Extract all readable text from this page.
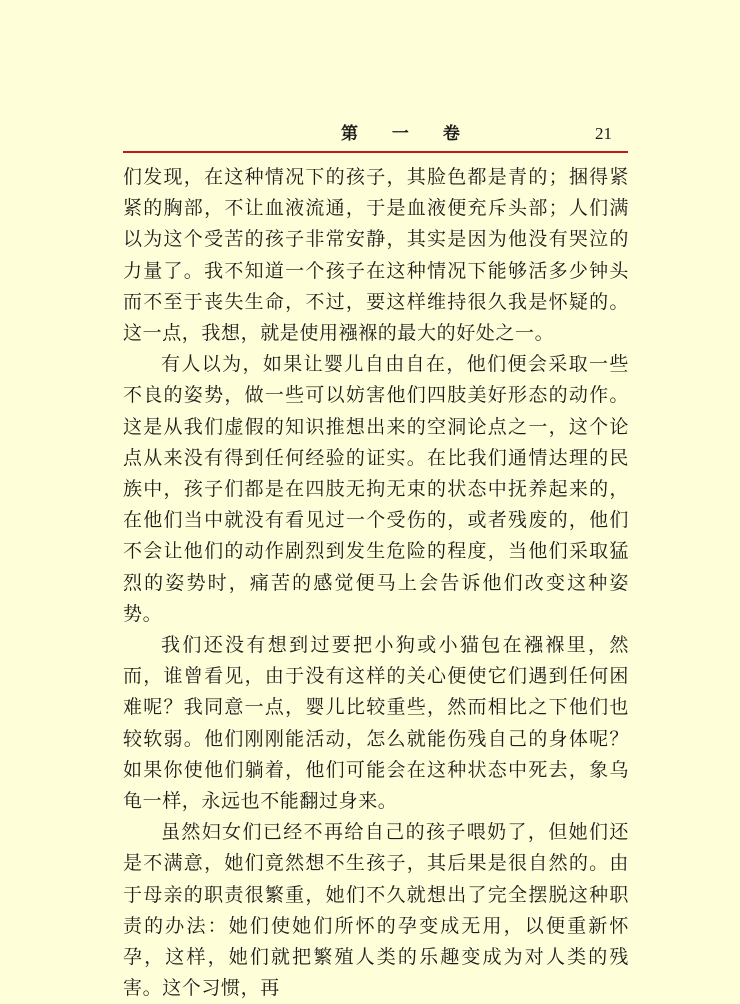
第 一 卷	21

们发现，在这种情况下的孩子，其脸色都是青的；捆得紧紧的胸部，不让血液流通，于是血液便充斥头部；人们满以为这个受苦的孩子非常安静，其实是因为他没有哭泣的力量了。我不知道一个孩子在这种情况下能够活多少钟头而不至于丧失生命，不过，要这样维持很久我是怀疑的。这一点，我想，就是使用襁褓的最大的好处之一。

有人以为，如果让婴儿自由自在，他们便会采取一些不良的姿势，做一些可以妨害他们四肢美好形态的动作。这是从我们虚假的知识推想出来的空洞论点之一，这个论点从来没有得到任何经验的证实。在比我们通情达理的民族中，孩子们都是在四肢无拘无束的状态中抚养起来的，在他们当中就没有看见过一个受伤的，或者残废的，他们不会让他们的动作剧烈到发生危险的程度，当他们采取猛烈的姿势时，痛苦的感觉便马上会告诉他们改变这种姿势。

我们还没有想到过要把小狗或小猫包在襁褓里，然而，谁曾看见，由于没有这样的关心便使它们遇到任何困难呢？我同意一点，婴儿比较重些，然而相比之下他们也较软弱。他们刚刚能活动，怎么就能伤残自己的身体呢？如果你使他们躺着，他们可能会在这种状态中死去，象乌龟一样，永远也不能翻过身来。

虽然妇女们已经不再给自己的孩子喂奶了，但她们还是不满意，她们竟然想不生孩子，其后果是很自然的。由于母亲的职责很繁重，她们不久就想出了完全摆脱这种职责的办法：她们使她们所怀的孕变成无用，以便重新怀孕，这样，她们就把繁殖人类的乐趣变成为对人类的残害。这个习惯，再
